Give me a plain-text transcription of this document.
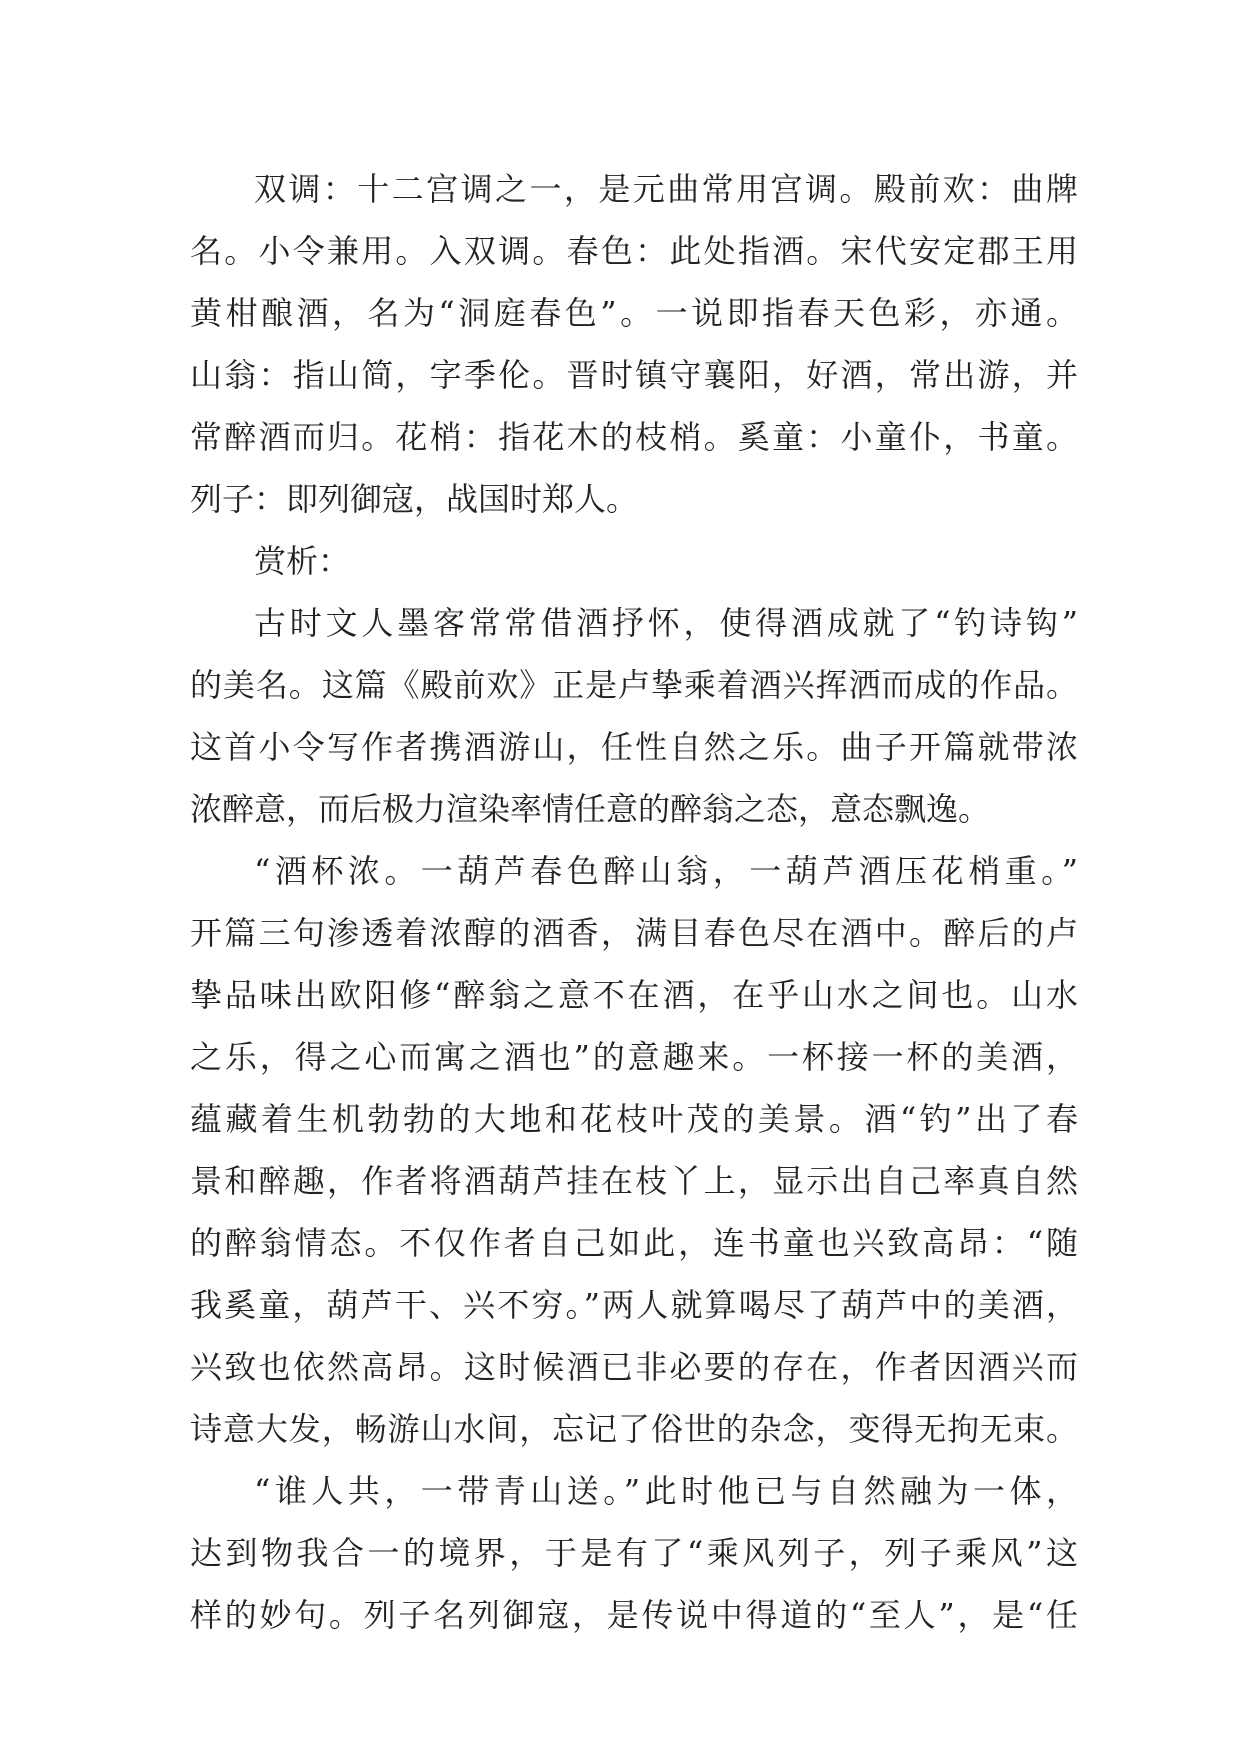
双调：十二宫调之一，是元曲常用宫调。殿前欢：曲牌
名。小令兼用。入双调。春色：此处指酒。宋代安定郡王用
黄柑酿酒，名为“洞庭春色”。一说即指春天色彩，亦通。
山翁：指山简，字季伦。晋时镇守襄阳，好酒，常出游，并
常醉酒而归。花梢：指花木的枝梢。奚童：小童仆，书童。
列子：即列御寇，战国时郑人。
赏析：
古时文人墨客常常借酒抒怀，使得酒成就了“钓诗钩”
的美名。这篇《殿前欢》正是卢挚乘着酒兴挥洒而成的作品。
这首小令写作者携酒游山，任性自然之乐。曲子开篇就带浓
浓醉意，而后极力渲染率情任意的醉翁之态，意态飘逸。
“酒杯浓。一葫芦春色醉山翁，一葫芦酒压花梢重。”
开篇三句渗透着浓醇的酒香，满目春色尽在酒中。醉后的卢
挚品味出欧阳修“醉翁之意不在酒，在乎山水之间也。山水
之乐，得之心而寓之酒也”的意趣来。一杯接一杯的美酒，
蕴藏着生机勃勃的大地和花枝叶茂的美景。酒“钓”出了春
景和醉趣，作者将酒葫芦挂在枝丫上，显示出自己率真自然
的醉翁情态。不仅作者自己如此，连书童也兴致高昂：“随
我奚童，葫芦干、兴不穷。”两人就算喝尽了葫芦中的美酒，
兴致也依然高昂。这时候酒已非必要的存在，作者因酒兴而
诗意大发，畅游山水间，忘记了俗世的杂念，变得无拘无束。
“谁人共，一带青山送。”此时他已与自然融为一体，
达到物我合一的境界，于是有了“乘风列子，列子乘风”这
样的妙句。列子名列御寇，是传说中得道的“至人”，是“任
